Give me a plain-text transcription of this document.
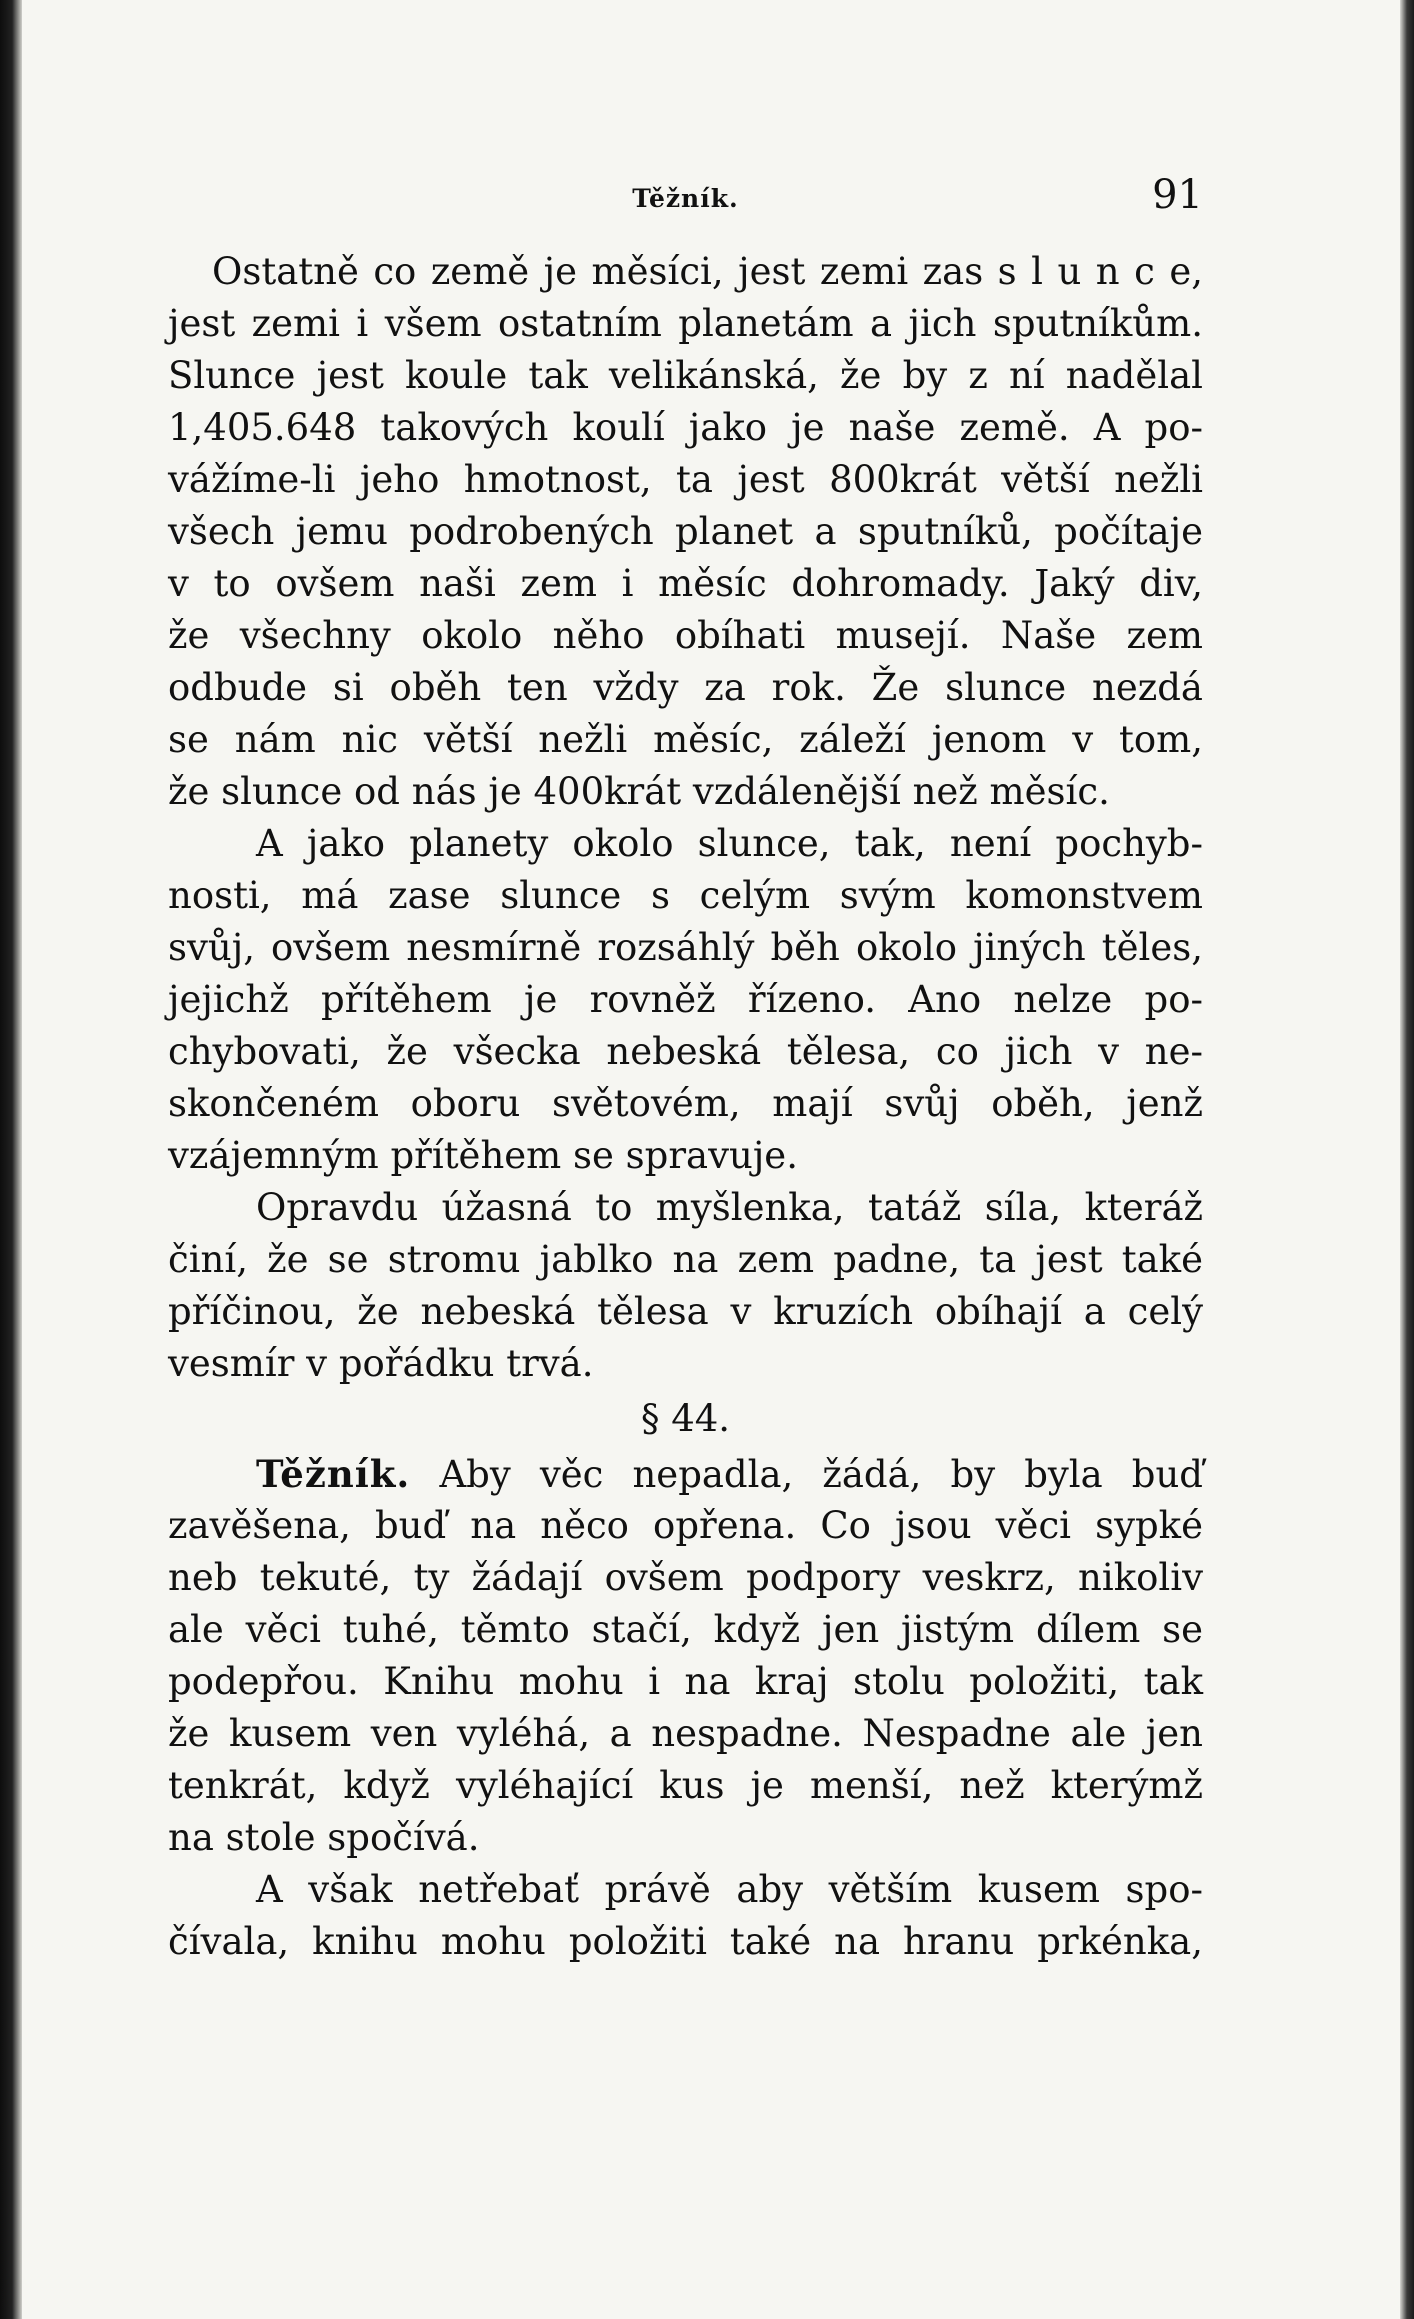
Těžník.	91

Ostatně co země je měsíci, jest zemi zas s l u n c e,

jest zemi i všem ostatním planetám a jich sputníkům.

Slunce jest koule tak velikánská, že by z ní nadělal

1,405.648 takových koulí jako je naše země. A po-

vážíme-li jeho hmotnost, ta jest 800krát větší nežli

všech jemu podrobených planet a sputníků, počítaje

v to ovšem naši zem i měsíc dohromady. Jaký div,

že všechny okolo něho obíhati musejí. Naše zem

odbude si oběh ten vždy za rok. Že slunce nezdá

se nám nic větší nežli měsíc, záleží jenom v tom,

že slunce od nás je 400krát vzdálenější než měsíc.

A jako planety okolo slunce, tak, není pochyb-

nosti, má zase slunce s celým svým komonstvem

svůj, ovšem nesmírně rozsáhlý běh okolo jiných těles,

jejichž přítěhem je rovněž řízeno. Ano nelze po-

chybovati, že všecka nebeská tělesa, co jich v ne-

skončeném oboru světovém, mají svůj oběh, jenž

vzájemným přítěhem se spravuje.

Opravdu úžasná to myšlenka, tatáž síla, kteráž

činí, že se stromu jablko na zem padne, ta jest také

příčinou, že nebeská tělesa v kruzích obíhají a celý

vesmír v pořádku trvá.

§ 44.

Těžník. Aby věc nepadla, žádá, by byla buď

zavěšena, buď na něco opřena. Co jsou věci sypké

neb tekuté, ty žádají ovšem podpory veskrz, nikoliv

ale věci tuhé, těmto stačí, když jen jistým dílem se

podepřou. Knihu mohu i na kraj stolu položiti, tak

že kusem ven vyléhá, a nespadne. Nespadne ale jen

tenkrát, když vyléhající kus je menší, než kterýmž

na stole spočívá.

A však netřebať právě aby větším kusem spo-

čívala, knihu mohu položiti také na hranu prkénka,
